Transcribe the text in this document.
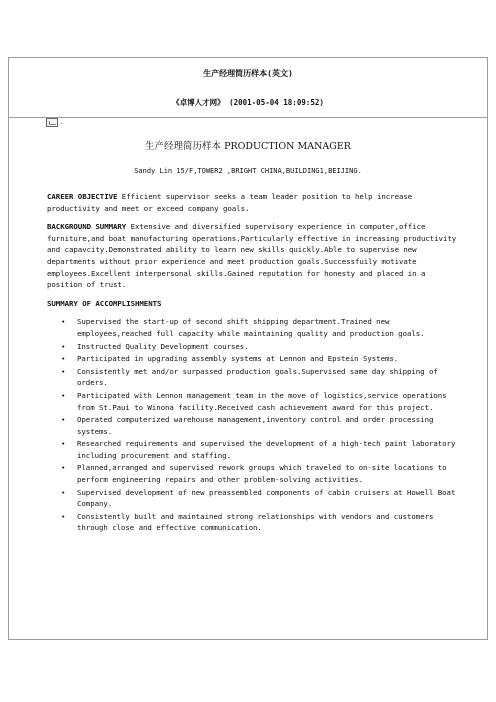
生产经理简历样本(英文)
《卓博人才网》 (2001-05-04 18:09:52)
.
生产经理简历样本 PRODUCTION MANAGER
Sandy Lin 15/F,TOWER2 ,BRIGHT CHINA,BUILDING1,BEIJING.

CAREER OBJECTIVE Efficient supervisor seeks a team leader position to help increase productivity and meet or exceed company goals.

BACKGROUND SUMMARY Extensive and diversified supervisory experience in computer,office furniture,and boat manufacturing operations.Particularly effective in increasing productivity and capavcity.Demonstrated ability to learn new skills quickly.Able to supervise new departments without prior experience and meet production goals.Successfuily motivate employees.Excellent interpersonal skills.Gained reputation for honesty and placed in a position of trust.

SUMMARY OF ACCOMPLISHMENTS
• Supervised the start-up of second shift shipping department.Trained new employees,reached full capacity while maintaining quality and production goals.
• Instructed Quality Development courses.
• Participated in upgrading assembly systems at Lennon and Epstein Systems.
• Consistently met and/or surpassed production goals.Supervised same day shipping of orders.
• Participated with Lennon management team in the move of logistics,service operations from St.Paui to Winona facility.Received cash achievement award for this project.
• Operated computerized warehouse management,inventory control and order processing systems.
• Researched requirements and supervised the development of a high-tech paint laboratory including procurement and staffing.
• Planned,arranged and supervised rework groups which traveled to on-site locations to perform engineering repairs and other problem-solving activities.
• Supervised development of new preassembled components of cabin cruisers at Howell Boat Company.
• Consistently built and maintained strong relationships with vendors and customers through close and effective communication.
